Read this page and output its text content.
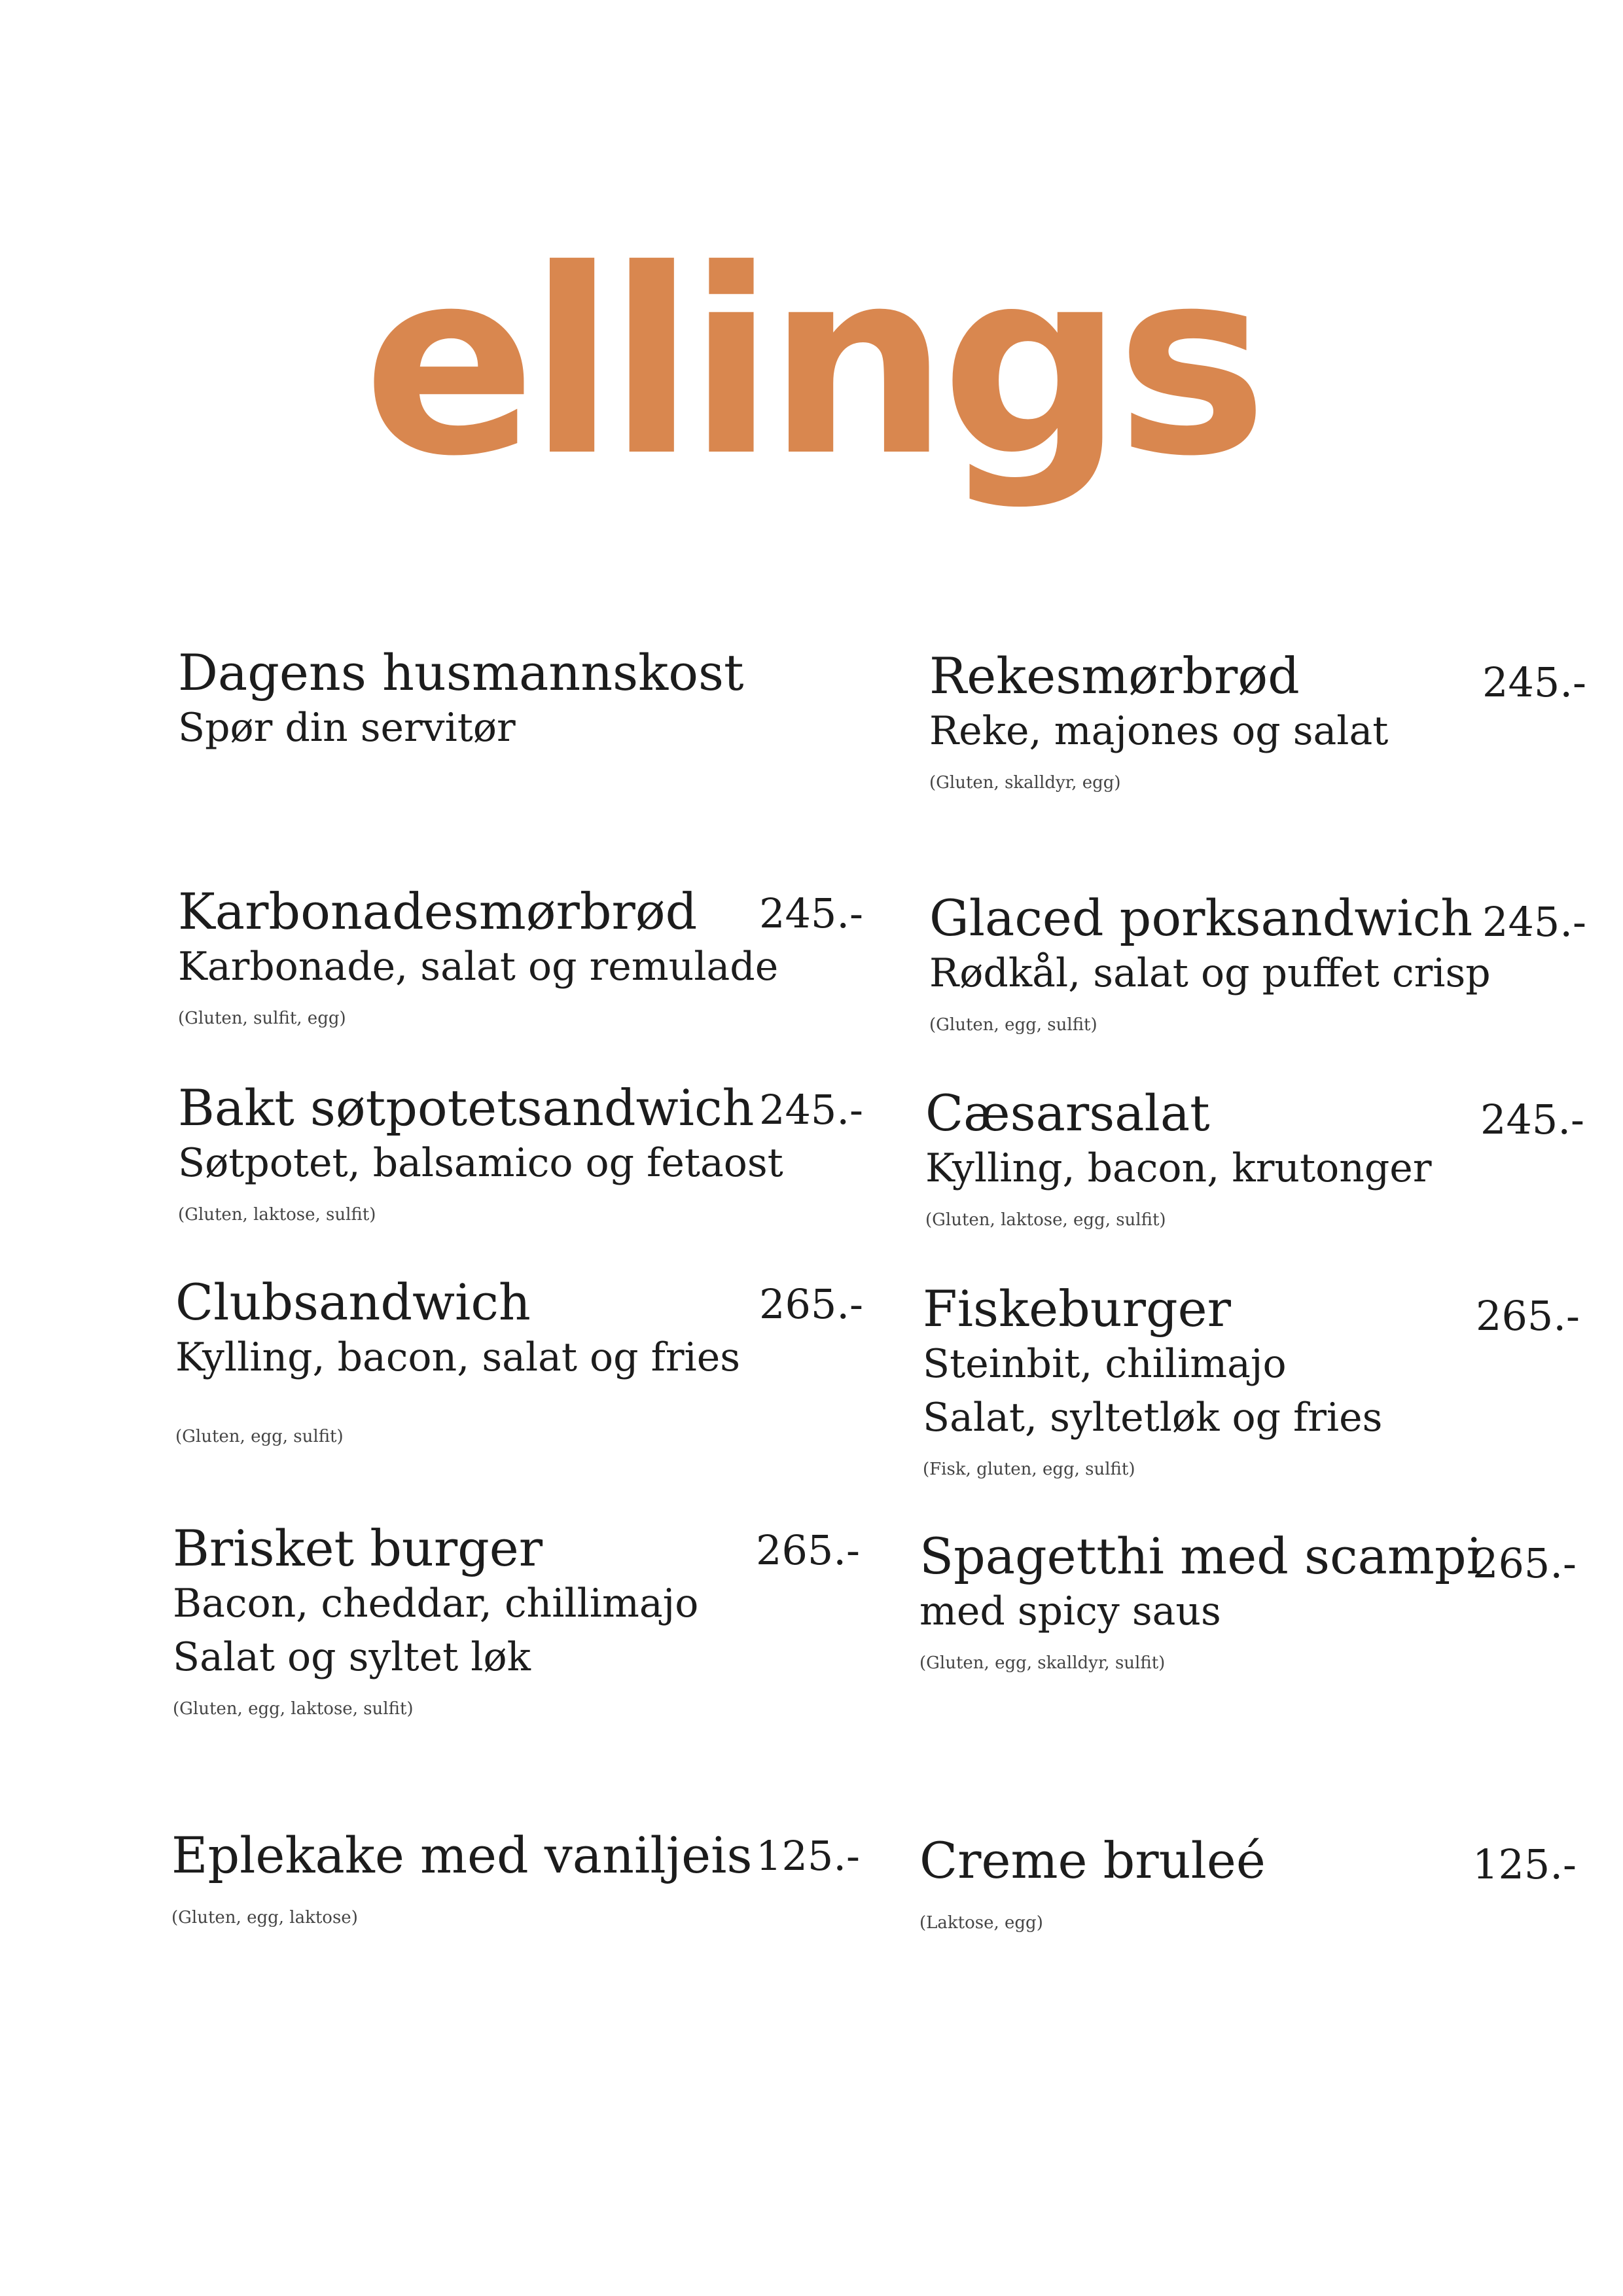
ellings
Dagens husmannskost
Spør din servitør
Karbonadesmørbrød
Karbonade, salat og remulade
(Gluten, sulfit, egg)
245.-
Bakt søtpotetsandwich
Søtpotet, balsamico og fetaost
(Gluten, laktose, sulfit)
245.-
Clubsandwich
Kylling, bacon, salat og fries
(Gluten, egg, sulfit)
265.-
Brisket burger
Bacon, cheddar, chillimajo
Salat og syltet løk
(Gluten, egg, laktose, sulfit)
265.-
Eplekake med vaniljeis
(Gluten, egg, laktose)
125.-
Rekesmørbrød
Reke, majones og salat
(Gluten, skalldyr, egg)
245.-
Glaced porksandwich
Rødkål, salat og puffet crisp
(Gluten, egg, sulfit)
245.-
Cæsarsalat
Kylling, bacon, krutonger
(Gluten, laktose, egg, sulfit)
245.-
Fiskeburger
Steinbit, chilimajo
Salat, syltetløk og fries
(Fisk, gluten, egg, sulfit)
265.-
Spagetthi med scampi
med spicy saus
(Gluten, egg, skalldyr, sulfit)
265.-
Creme bruleé
(Laktose, egg)
125.-
